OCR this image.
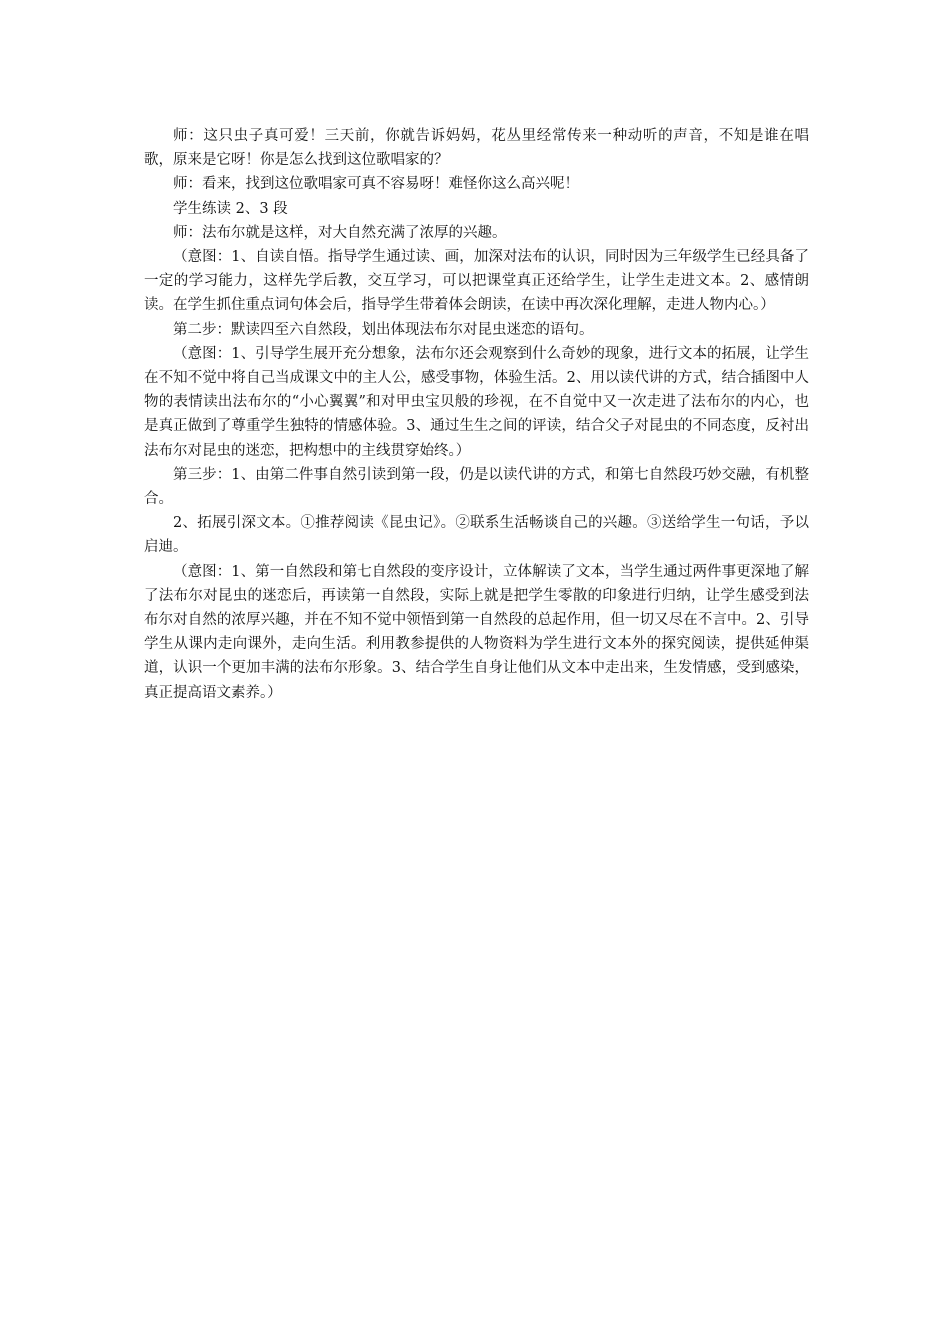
师：这只虫子真可爱！三天前，你就告诉妈妈，花丛里经常传来一种动听的声音，不知是谁在唱歌，原来是它呀！你是怎么找到这位歌唱家的？

师：看来，找到这位歌唱家可真不容易呀！难怪你这么高兴呢！

学生练读 2、3 段

师：法布尔就是这样，对大自然充满了浓厚的兴趣。

（意图：1、自读自悟。指导学生通过读、画，加深对法布的认识，同时因为三年级学生已经具备了一定的学习能力，这样先学后教，交互学习，可以把课堂真正还给学生，让学生走进文本。2、感情朗读。在学生抓住重点词句体会后，指导学生带着体会朗读，在读中再次深化理解，走进人物内心。）

第二步：默读四至六自然段，划出体现法布尔对昆虫迷恋的语句。

（意图：1、引导学生展开充分想象，法布尔还会观察到什么奇妙的现象，进行文本的拓展，让学生在不知不觉中将自己当成课文中的主人公，感受事物，体验生活。2、用以读代讲的方式，结合插图中人物的表情读出法布尔的“小心翼翼”和对甲虫宝贝般的珍视，在不自觉中又一次走进了法布尔的内心，也是真正做到了尊重学生独特的情感体验。3、通过生生之间的评读，结合父子对昆虫的不同态度，反衬出法布尔对昆虫的迷恋，把构想中的主线贯穿始终。）

第三步：1、由第二件事自然引读到第一段，仍是以读代讲的方式，和第七自然段巧妙交融，有机整合。

2、拓展引深文本。①推荐阅读《昆虫记》。②联系生活畅谈自己的兴趣。③送给学生一句话，予以启迪。

（意图：1、第一自然段和第七自然段的变序设计，立体解读了文本，当学生通过两件事更深地了解了法布尔对昆虫的迷恋后，再读第一自然段，实际上就是把学生零散的印象进行归纳，让学生感受到法布尔对自然的浓厚兴趣，并在不知不觉中领悟到第一自然段的总起作用，但一切又尽在不言中。2、引导学生从课内走向课外，走向生活。利用教参提供的人物资料为学生进行文本外的探究阅读，提供延伸渠道，认识一个更加丰满的法布尔形象。3、结合学生自身让他们从文本中走出来，生发情感，受到感染，真正提高语文素养。）
